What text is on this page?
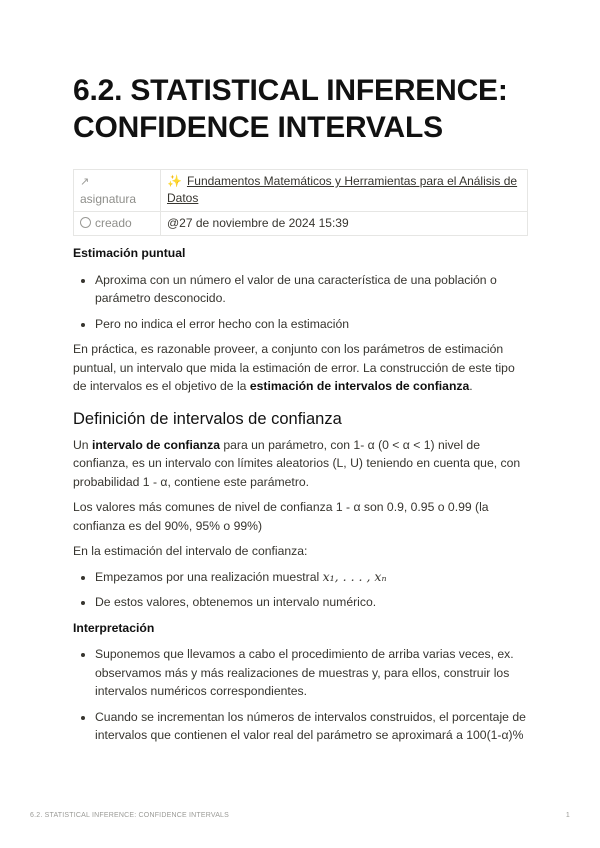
6.2. STATISTICAL INFERENCE: CONFIDENCE INTERVALS
↗
asignatura	✨ Fundamentos Matemáticos y Herramientas para el Análisis de Datos
creado	@27 de noviembre de 2024 15:39
Estimación puntual
• Aproxima con un número el valor de una característica de una población o parámetro desconocido.
• Pero no indica el error hecho con la estimación

En práctica, es razonable proveer, a conjunto con los parámetros de estimación puntual, un intervalo que mida la estimación de error. La construcción de este tipo de intervalos es el objetivo de la estimación de intervalos de confianza.

Definición de intervalos de confianza

Un intervalo de confianza para un parámetro, con 1- α (0 < α < 1) nivel de confianza, es un intervalo con límites aleatorios (L, U) teniendo en cuenta que, con probabilidad 1 - α, contiene este parámetro.

Los valores más comunes de nivel de confianza 1 - α son 0.9, 0.95 o 0.99 (la confianza es del 90%, 95% o 99%)

En la estimación del intervalo de confianza:

• Empezamos por una realización muestral x₁, . . . , xₙ
• De estos valores, obtenemos un intervalo numérico.
Interpretación
• Suponemos que llevamos a cabo el procedimiento de arriba varias veces, ex. observamos más y más realizaciones de muestras y, para ellos, construir los intervalos numéricos correspondientes.
• Cuando se incrementan los números de intervalos construidos, el porcentaje de intervalos que contienen el valor real del parámetro se aproximará a 100(1-α)%
6.2. STATISTICAL INFERENCE: CONFIDENCE INTERVALS	1
